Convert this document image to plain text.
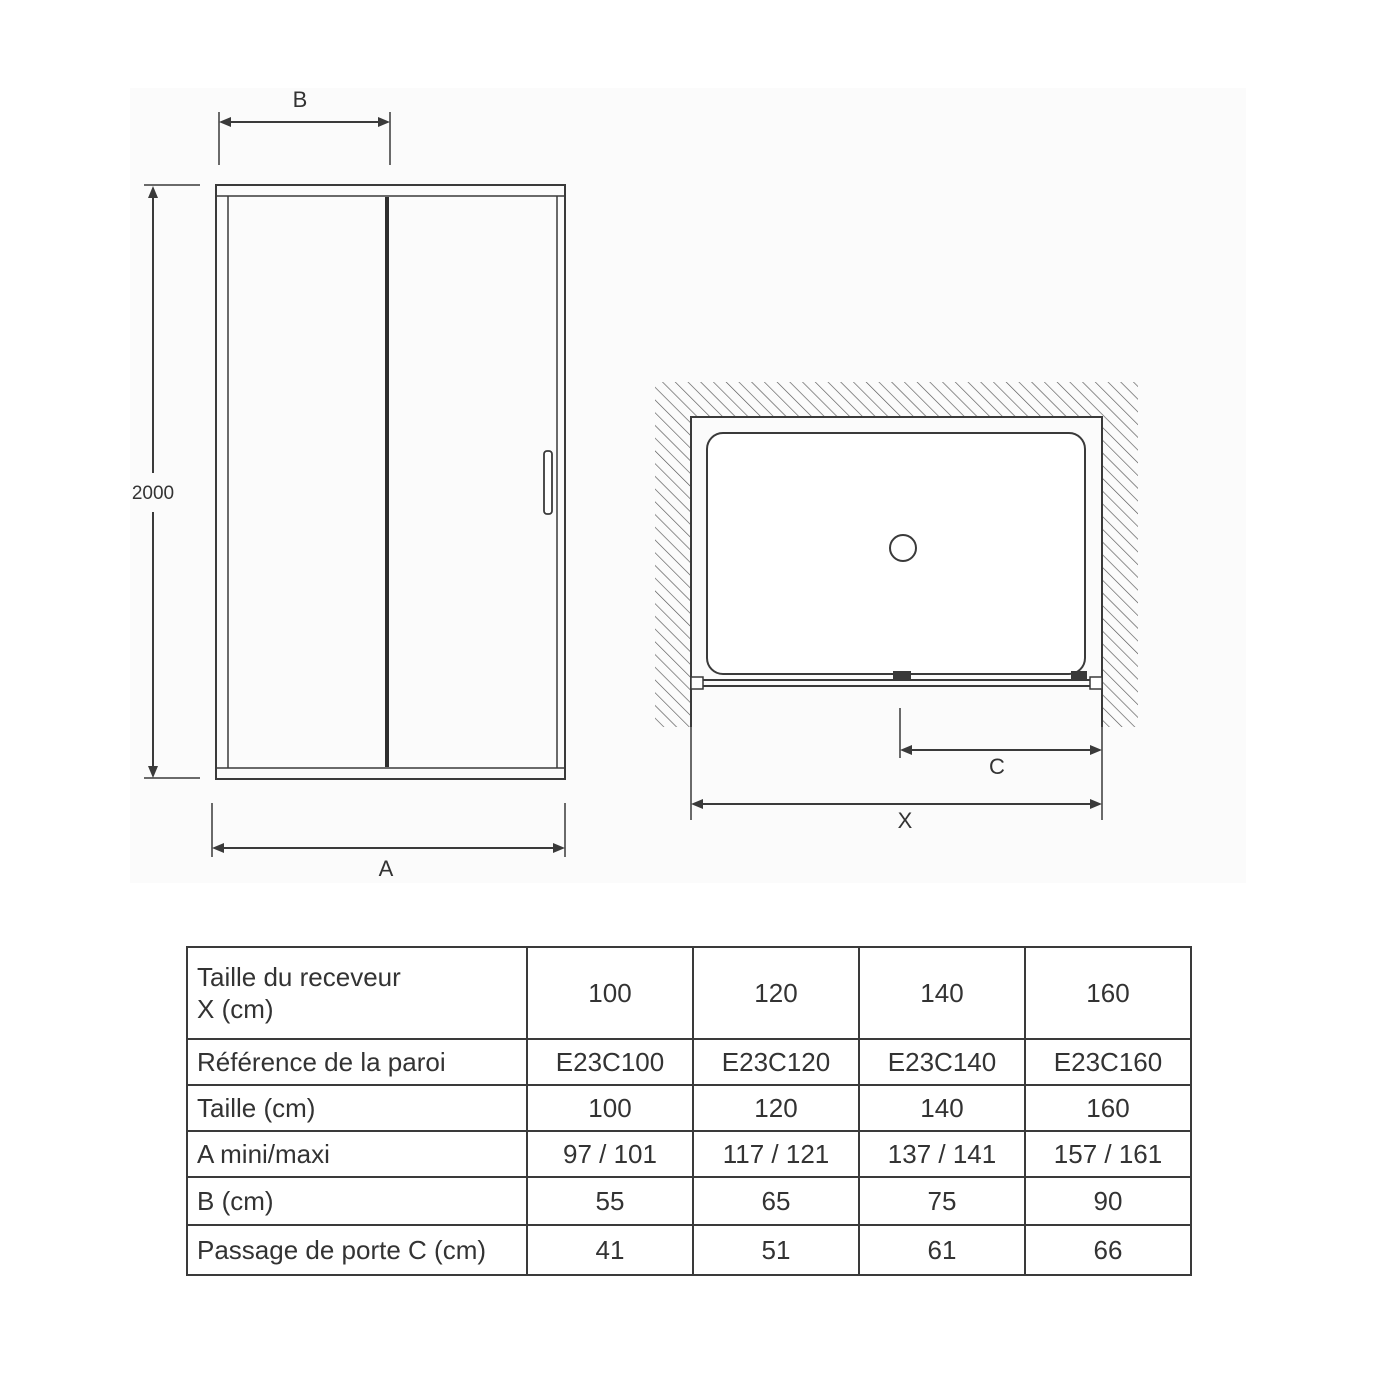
B
2000
A
C
X
Taille du receveur
X (cm)	100	120	140	160
Référence de la paroi	E23C100	E23C120	E23C140	E23C160
Taille (cm)	100	120	140	160
A mini/maxi	97 / 101	117 / 121	137 / 141	157 / 161
B (cm)	55	65	75	90
Passage de porte C (cm)	41	51	61	66
